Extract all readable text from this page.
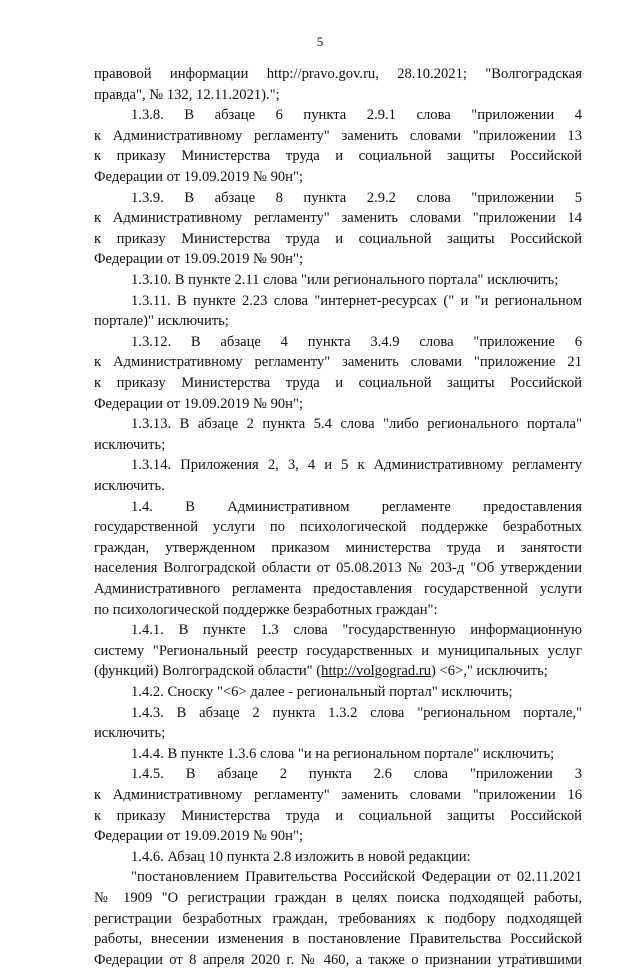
5
правовой информации http://pravo.gov.ru, 28.10.2021; "Волгоградская
правда", № 132, 12.11.2021).";
1.3.8. В абзаце 6 пункта 2.9.1 слова "приложении 4
к Административному регламенту" заменить словами "приложении 13
к приказу Министерства труда и социальной защиты Российской
Федерации от 19.09.2019 № 90н";
1.3.9. В абзаце 8 пункта 2.9.2 слова "приложении 5
к Административному регламенту" заменить словами "приложении 14
к приказу Министерства труда и социальной защиты Российской
Федерации от 19.09.2019 № 90н";
1.3.10. В пункте 2.11 слова "или регионального портала" исключить;
1.3.11. В пункте 2.23 слова "интернет-ресурсах (" и "и региональном
портале)" исключить;
1.3.12. В абзаце 4 пункта 3.4.9 слова "приложение 6
к Административному регламенту" заменить словами "приложение 21
к приказу Министерства труда и социальной защиты Российской
Федерации от 19.09.2019 № 90н";
1.3.13. В абзаце 2 пункта 5.4 слова "либо регионального портала"
исключить;
1.3.14. Приложения 2, 3, 4 и 5 к Административному регламенту
исключить.
1.4. В Административном регламенте предоставления
государственной услуги по психологической поддержке безработных
граждан, утвержденном приказом министерства труда и занятости
населения Волгоградской области от 05.08.2013 № 203-д "Об утверждении
Административного регламента предоставления государственной услуги
по психологической поддержке безработных граждан":
1.4.1. В пункте 1.3 слова "государственную информационную
систему "Региональный реестр государственных и муниципальных услуг
(функций) Волгоградской области" (http://volgograd.ru) <6>," исключить;
1.4.2. Сноску "<6> далее - региональный портал" исключить;
1.4.3. В абзаце 2 пункта 1.3.2 слова "региональном портале,"
исключить;
1.4.4. В пункте 1.3.6 слова "и на региональном портале" исключить;
1.4.5. В абзаце 2 пункта 2.6 слова "приложении 3
к Административному регламенту" заменить словами "приложении 16
к приказу Министерства труда и социальной защиты Российской
Федерации от 19.09.2019 № 90н";
1.4.6. Абзац 10 пункта 2.8 изложить в новой редакции:
"постановлением Правительства Российской Федерации от 02.11.2021
№ 1909 "О регистрации граждан в целях поиска подходящей работы,
регистрации безработных граждан, требованиях к подбору подходящей
работы, внесении изменения в постановление Правительства Российской
Федерации от 8 апреля 2020 г. № 460, а также о признании утратившими
